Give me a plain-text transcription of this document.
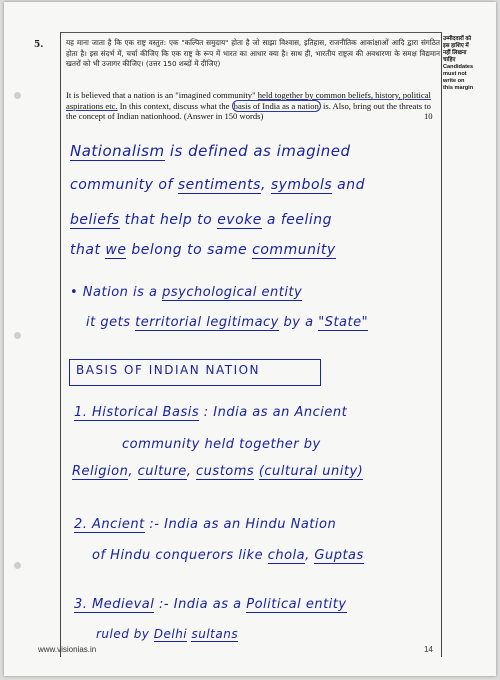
5.	यह माना जाता है कि एक राष्ट्र वस्तुत: एक "कल्पित समुदाय" होता है जो साझा विश्वास, इतिहास, राजनीतिक आकांक्षाओं आदि द्वारा संगठित होता है। इस संदर्भ में, चर्चा कीजिए कि एक राष्ट्र के रूप में भारत का आधार क्या है। साथ ही, भारतीय राष्ट्रत्व की अवधारणा के समक्ष विद्यमान खतरों को भी उजागर कीजिए। (उत्तर 150 शब्दों में दीजिए)
It is believed that a nation is an "imagined community" held together by common beliefs, history, political aspirations etc. In this context, discuss what the basis of India as a nation is. Also, bring out the threats to the concept of Indian nationhood. (Answer in 150 words)	10
उम्मीदवारों को
इस हाशिए में
नहीं लिखना
चाहिए
Candidates
must not
write on
this margin
Nationalism is defined as imagined
community of sentiments, symbols and
beliefs that help to evoke a feeling
that we belong to same community
• Nation is a psychological entity
it gets territorial legitimacy by a "State"
BASIS OF INDIAN NATION
1. Historical Basis : India as an Ancient
community held together by
Religion, culture, customs (cultural unity)
2. Ancient :- India as an Hindu Nation
of Hindu conquerors like chola, Guptas
3. Medieval :- India as a Political entity
ruled by Delhi sultans
www.visionias.in	14
